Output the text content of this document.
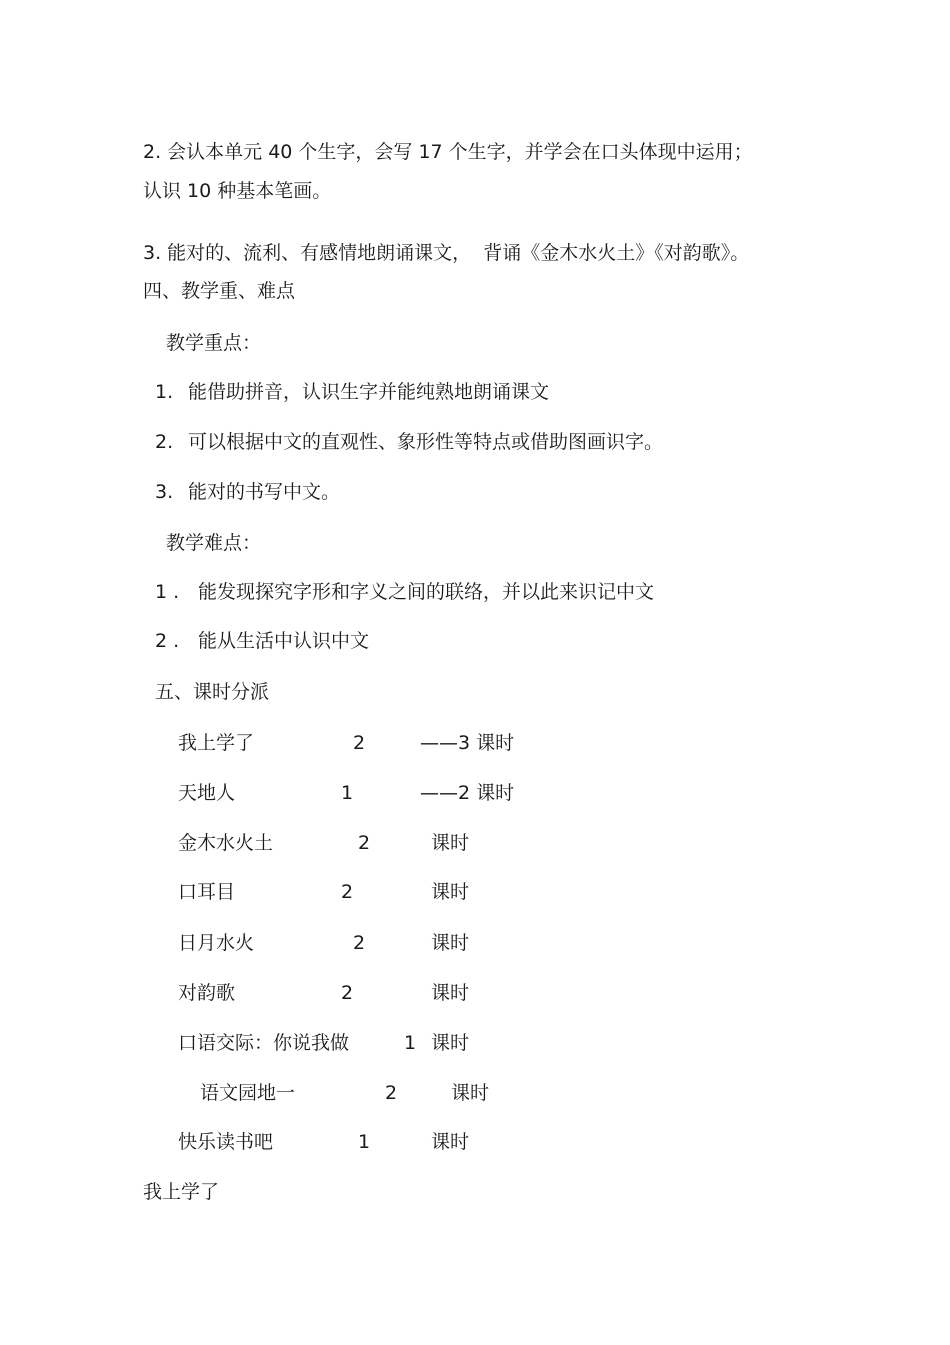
2. 会认本单元 40 个生字，会写 17 个生字，并学会在口头体现中运用；
认识 10 种基本笔画。
3. 能对的、流利、有感情地朗诵课文，  背诵《金木水火土》《对韵歌》。
四、教学重、难点
教学重点：
1. 能借助拼音，认识生字并能纯熟地朗诵课文
2. 可以根据中文的直观性、象形性等特点或借助图画识字。
3. 能对的书写中文。
教学难点：
1 . 能发现探究字形和字义之间的联络，并以此来识记中文
2 . 能从生活中认识中文
五、课时分派
我上学了	2	——3 课时
天地人	1	——2 课时
金木水火土	2	课时
口耳目	2	课时
日月水火	2	课时
对韵歌	2	课时
口语交际：你说我做	1 课时
语文园地一	2	课时
快乐读书吧	1	课时
我上学了
